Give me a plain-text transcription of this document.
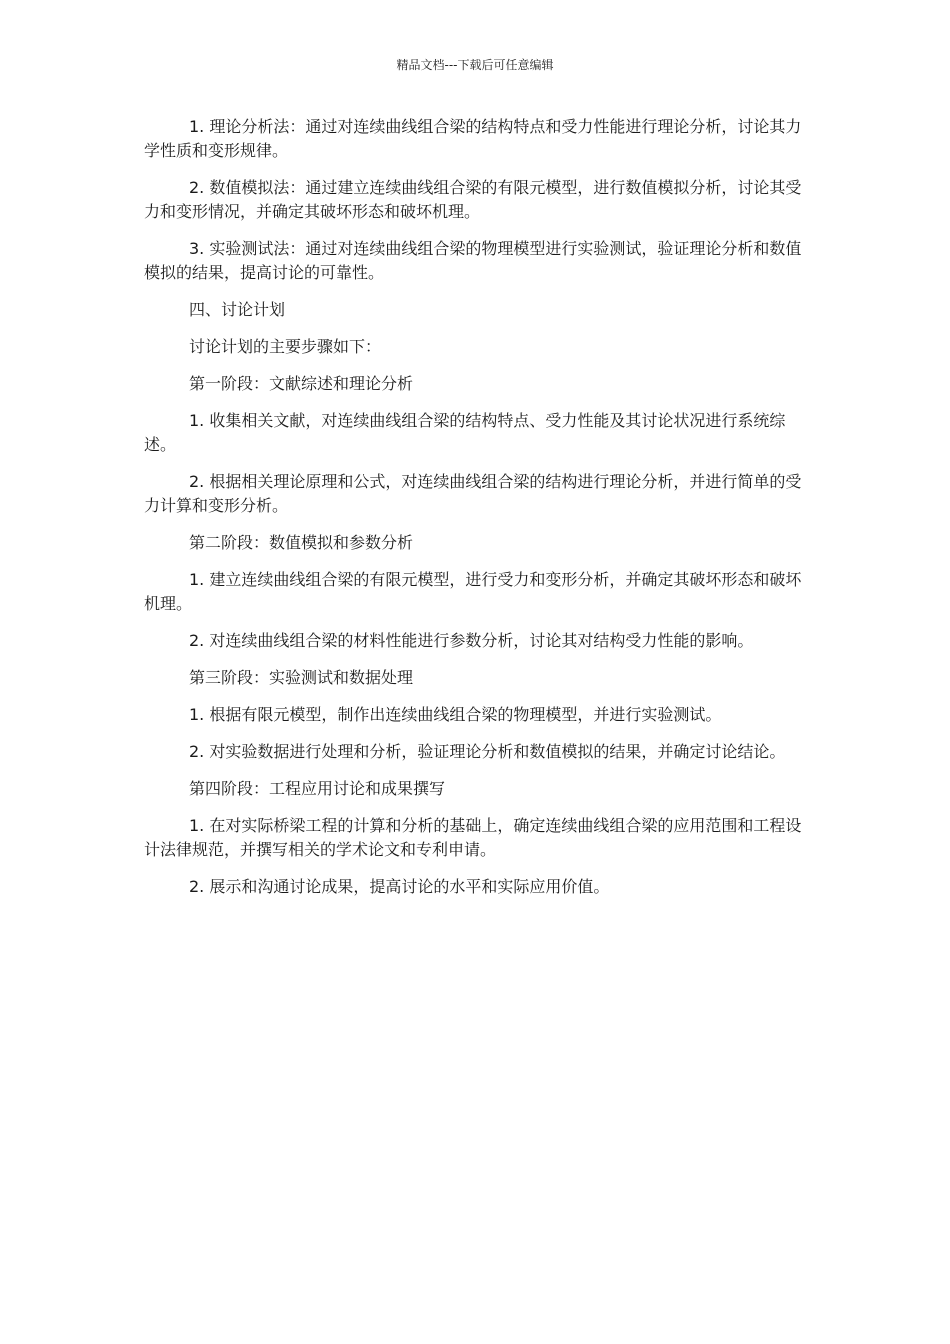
精品文档---下载后可任意编辑

1. 理论分析法：通过对连续曲线组合梁的结构特点和受力性能进行理论分析，讨论其力学性质和变形规律。

2. 数值模拟法：通过建立连续曲线组合梁的有限元模型，进行数值模拟分析，讨论其受力和变形情况，并确定其破坏形态和破坏机理。

3. 实验测试法：通过对连续曲线组合梁的物理模型进行实验测试，验证理论分析和数值模拟的结果，提高讨论的可靠性。

四、讨论计划

讨论计划的主要步骤如下：

第一阶段：文献综述和理论分析

1. 收集相关文献，对连续曲线组合梁的结构特点、受力性能及其讨论状况进行系统综述。

2. 根据相关理论原理和公式，对连续曲线组合梁的结构进行理论分析，并进行简单的受力计算和变形分析。

第二阶段：数值模拟和参数分析

1. 建立连续曲线组合梁的有限元模型，进行受力和变形分析，并确定其破坏形态和破坏机理。

2. 对连续曲线组合梁的材料性能进行参数分析，讨论其对结构受力性能的影响。

第三阶段：实验测试和数据处理

1. 根据有限元模型，制作出连续曲线组合梁的物理模型，并进行实验测试。

2. 对实验数据进行处理和分析，验证理论分析和数值模拟的结果，并确定讨论结论。

第四阶段：工程应用讨论和成果撰写

1. 在对实际桥梁工程的计算和分析的基础上，确定连续曲线组合梁的应用范围和工程设计法律规范，并撰写相关的学术论文和专利申请。

2. 展示和沟通讨论成果，提高讨论的水平和实际应用价值。
